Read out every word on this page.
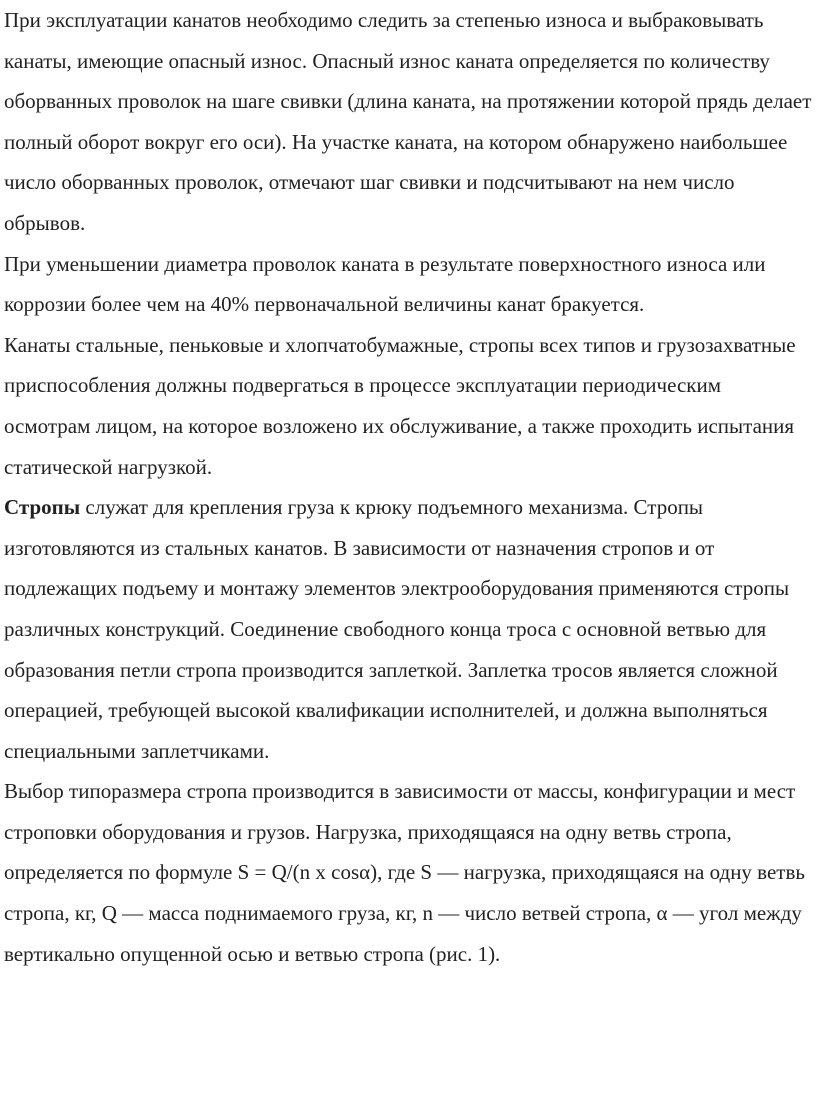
При эксплуатации канатов необходимо следить за степенью износа и выбраковывать канаты, имеющие опасный износ. Опасный износ каната определяется по количеству оборванных проволок на шаге свивки (длина каната, на протяжении которой прядь делает полный оборот вокруг его оси). На участке каната, на котором обнаружено наибольшее число оборванных проволок, отмечают шаг свивки и подсчитывают на нем число обрывов.

При уменьшении диаметра проволок каната в результате поверхностного износа или коррозии более чем на 40% первоначальной величины канат бракуется.

Канаты стальные, пеньковые и хлопчатобумажные, стропы всех типов и грузозахватные приспособления должны подвергаться в процессе эксплуатации периодическим осмотрам лицом, на которое возложено их обслуживание, а также проходить испытания статической нагрузкой.

Стропы служат для крепления груза к крюку подъемного механизма. Стропы изготовляются из стальных канатов. В зависимости от назначения стропов и от подлежащих подъему и монтажу элементов электрооборудования применяются стропы различных конструкций. Соединение свободного конца троса с основной ветвью для образования петли стропа производится заплеткой. Заплетка тросов является сложной операцией, требующей высокой квалификации исполнителей, и должна выполняться специальными заплетчиками.

Выбор типоразмера стропа производится в зависимости от массы, конфигурации и мест строповки оборудования и грузов. Нагрузка, приходящаяся на одну ветвь стропа, определяется по формуле S = Q/(n x cosα), где S — нагрузка, приходящаяся на одну ветвь стропа, кг, Q — масса поднимаемого груза, кг, n — число ветвей стропа, α — угол между вертикально опущенной осью и ветвью стропа (рис. 1).
